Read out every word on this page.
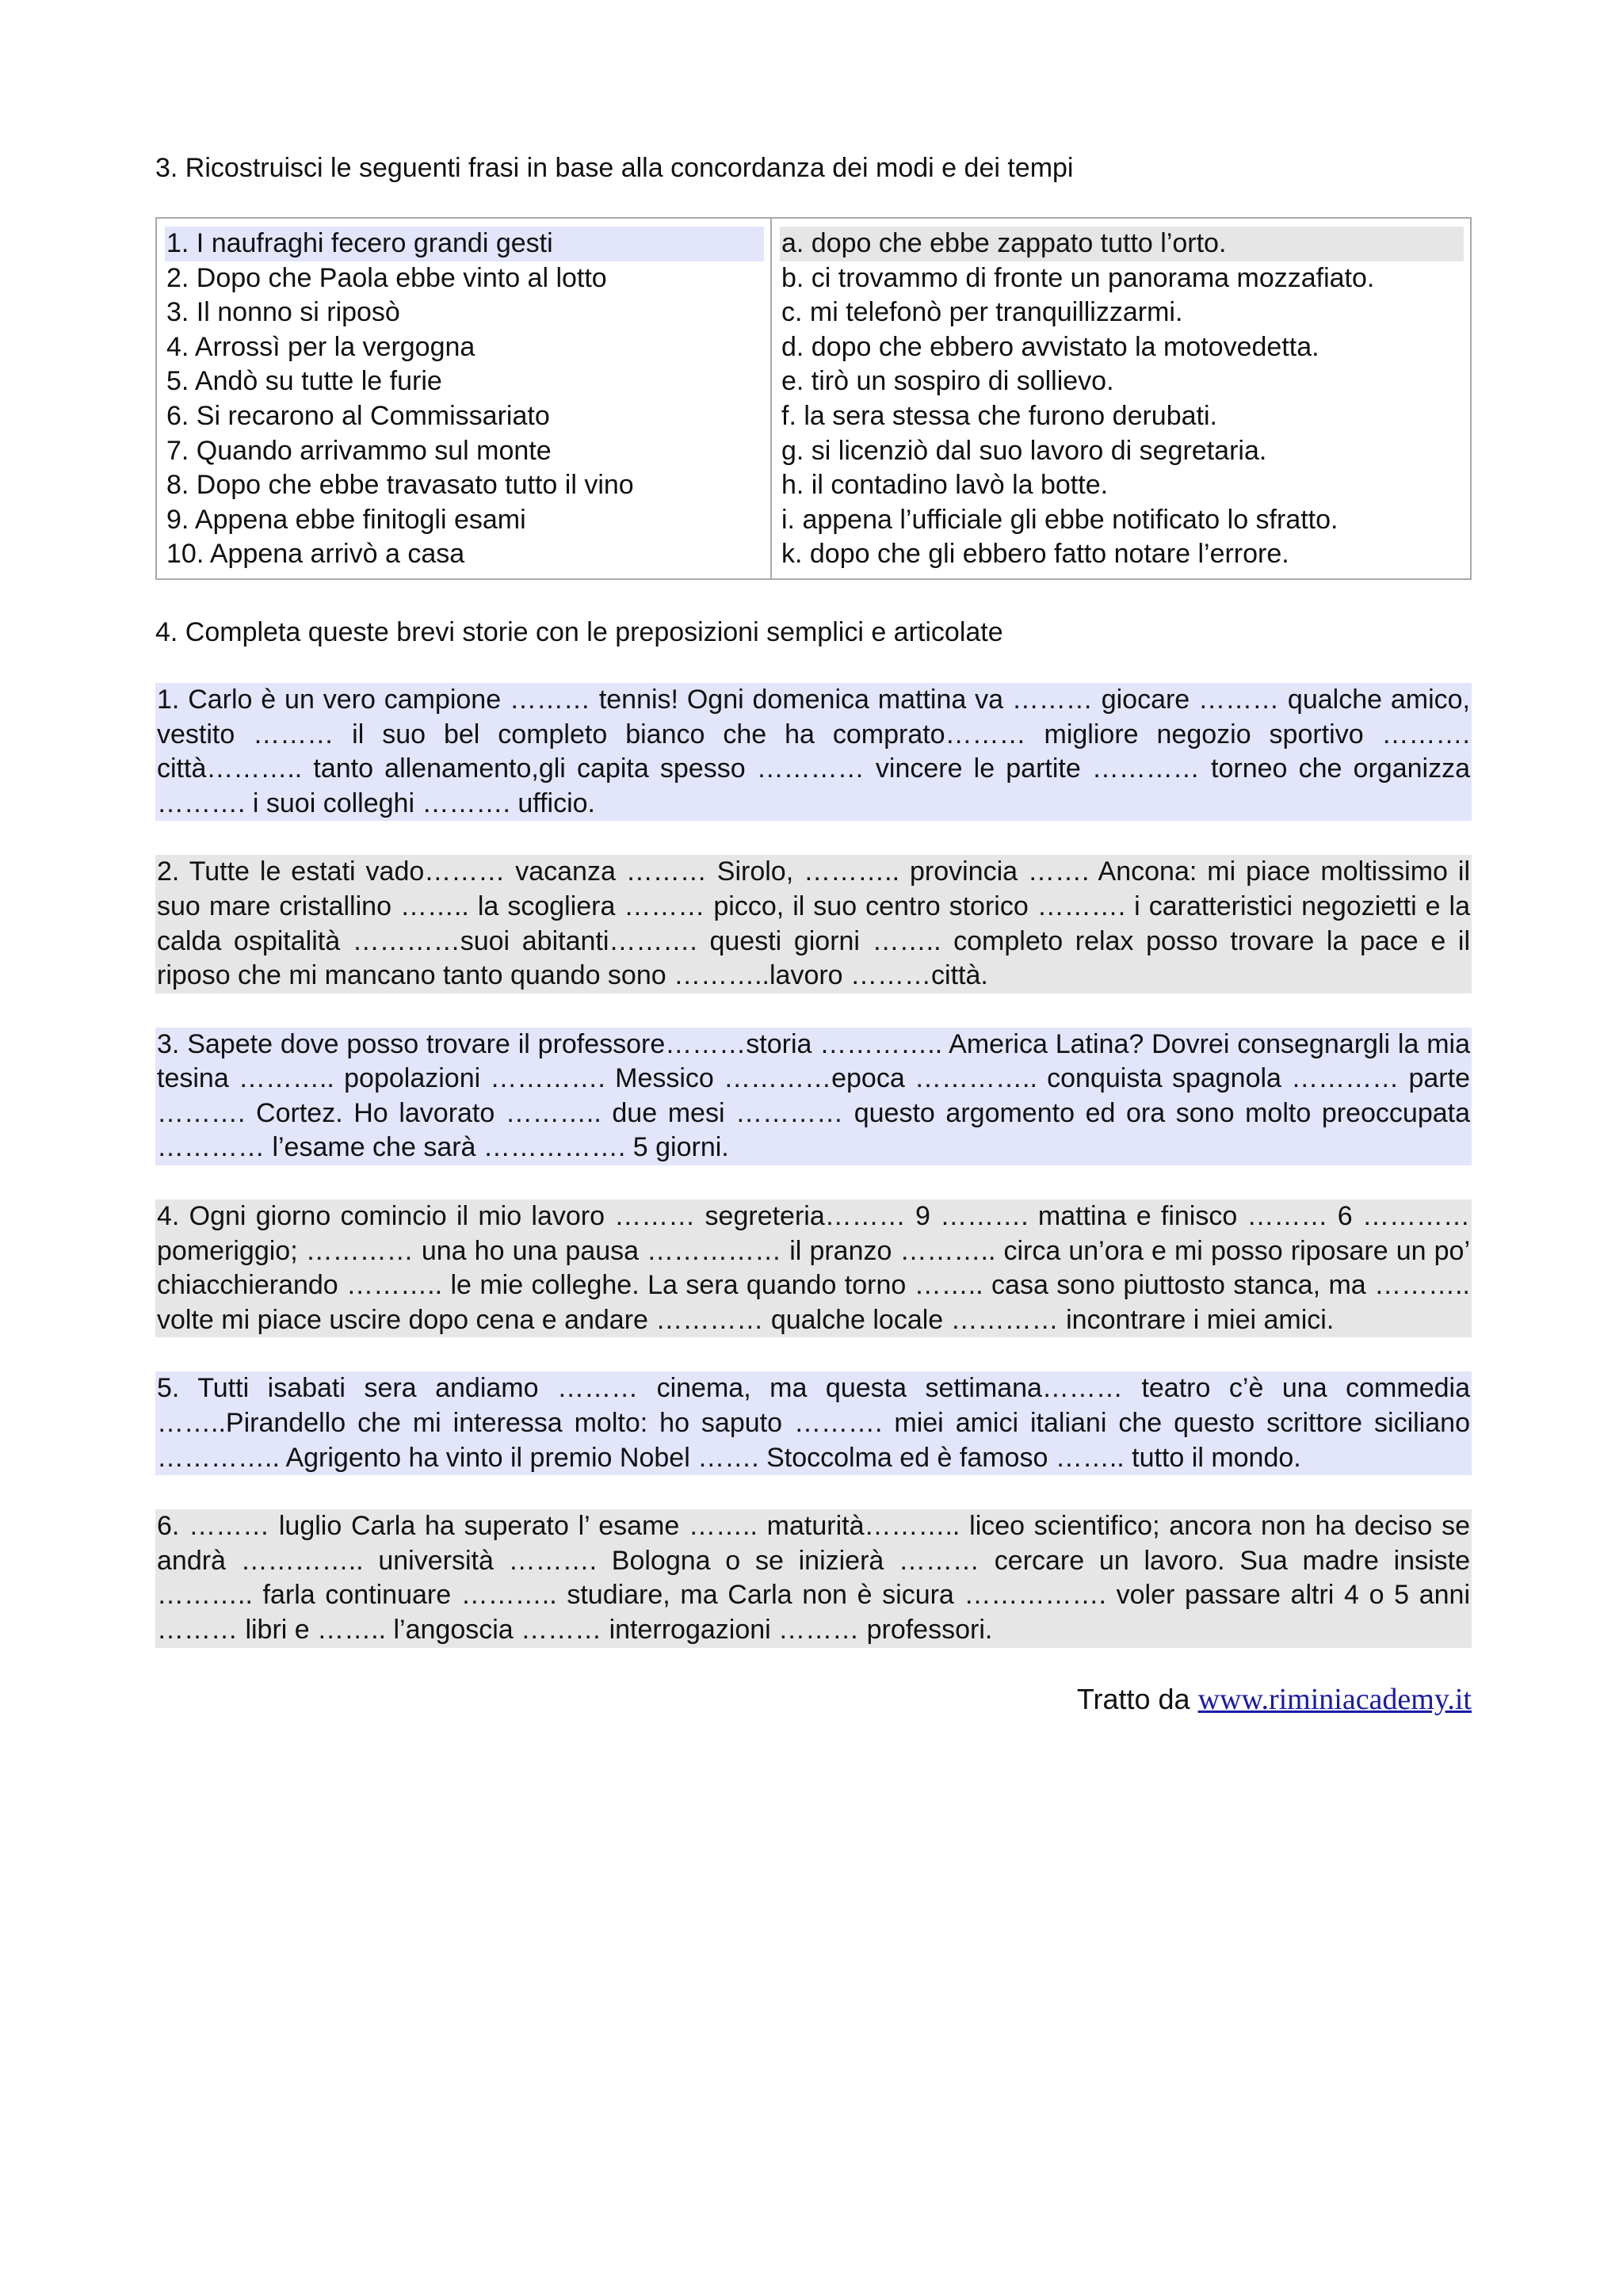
3. Ricostruisci le seguenti frasi in base alla concordanza dei modi e dei tempi

1. I naufraghi fecero grandi gesti
2. Dopo che Paola ebbe vinto al lotto
3. Il nonno si riposò
4. Arrossì per la vergogna
5. Andò su tutte le furie
6. Si recarono al Commissariato
7. Quando arrivammo sul monte
8. Dopo che ebbe travasato tutto il vino
9. Appena ebbe finitogli esami
10. Appena arrivò a casa
a. dopo che ebbe zappato tutto l’orto.
b. ci trovammo di fronte un panorama mozzafiato.
c. mi telefonò per tranquillizzarmi.
d. dopo che ebbero avvistato la motovedetta.
e. tirò un sospiro di sollievo.
f. la sera stessa che furono derubati.
g. si licenziò dal suo lavoro di segretaria.
h. il contadino lavò la botte.
i. appena l’ufficiale gli ebbe notificato lo sfratto.
k. dopo che gli ebbero fatto notare l’errore.

4. Completa queste brevi storie con le preposizioni semplici e articolate

1. Carlo è un vero campione ……… tennis! Ogni domenica mattina va ……… giocare ……… qualche amico, vestito ……… il suo bel completo bianco che ha comprato……… migliore negozio sportivo ………. città……….. tanto allenamento,gli capita spesso ………… vincere le partite ………… torneo che organizza ………. i suoi colleghi ………. ufficio.

2. Tutte le estati vado……… vacanza ……… Sirolo, ……….. provincia ……. Ancona: mi piace moltissimo il suo mare cristallino …….. la scogliera ……… picco, il suo centro storico ………. i caratteristici negozietti e la calda ospitalità …………suoi abitanti………. questi giorni …….. completo relax posso trovare la pace e il riposo che mi mancano tanto quando sono ………..lavoro ………città.

3. Sapete dove posso trovare il professore………storia ………….. America Latina? Dovrei consegnargli la mia tesina ……….. popolazioni …………. Messico …………epoca ………….. conquista spagnola ………… parte ………. Cortez. Ho lavorato ……….. due mesi ………… questo argomento ed ora sono molto preoccupata ………… l’esame che sarà ……………. 5 giorni.

4. Ogni giorno comincio il mio lavoro ……… segreteria……… 9 ………. mattina e finisco ……… 6 ………… pomeriggio; ………… una ho una pausa …………… il pranzo ……….. circa un’ora e mi posso riposare un po’ chiacchierando ……….. le mie colleghe. La sera quando torno …….. casa sono piuttosto stanca, ma ……….. volte mi piace uscire dopo cena e andare ………… qualche locale ………… incontrare i miei amici.

5. Tutti isabati sera andiamo ……… cinema, ma questa settimana……… teatro c’è una commedia ……..Pirandello che mi interessa molto: ho saputo ………. miei amici italiani che questo scrittore siciliano ………….. Agrigento ha vinto il premio Nobel ……. Stoccolma ed è famoso …….. tutto il mondo.

6. ……… luglio Carla ha superato l’ esame …….. maturità……….. liceo scientifico; ancora non ha deciso se andrà ………….. università ………. Bologna o se inizierà ……… cercare un lavoro. Sua madre insiste ……….. farla continuare ……….. studiare, ma Carla non è sicura ……………. voler passare altri 4 o 5 anni ……… libri e …….. l’angoscia ……… interrogazioni ……… professori.

Tratto da www.riminiacademy.it
